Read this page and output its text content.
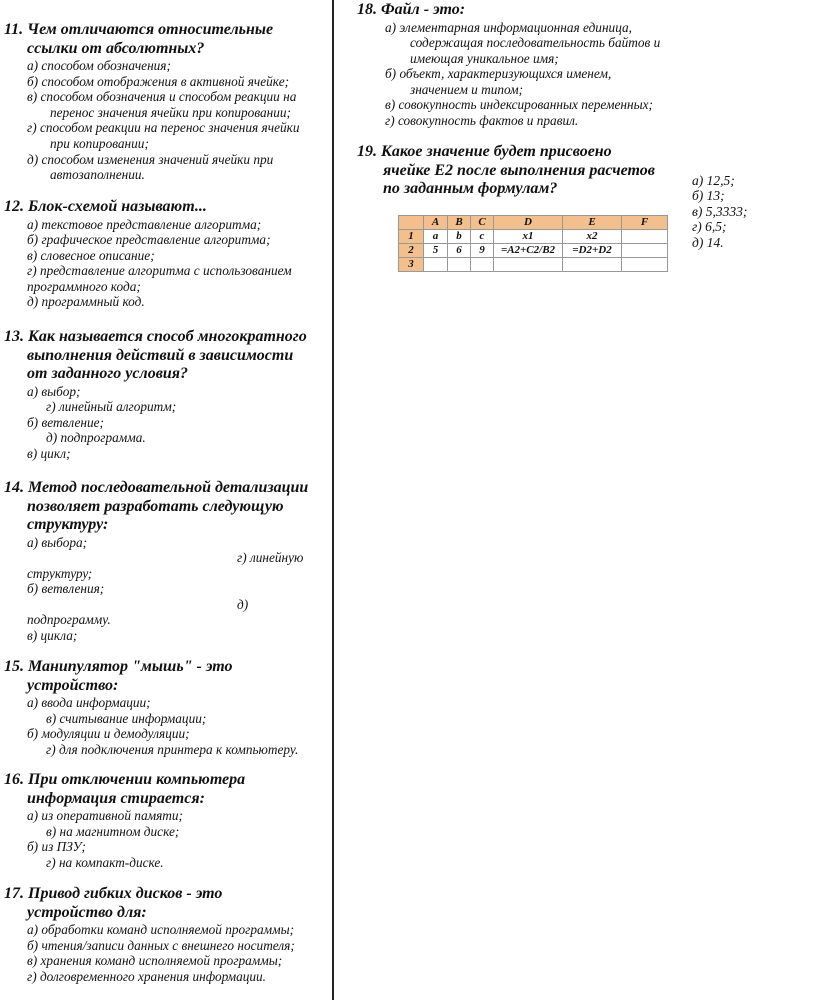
11. Чем отличаются относительные
ссылки от абсолютных?
а) способом обозначения;
б) способом отображения в активной ячейке;
в) способом обозначения и способом реакции на
перенос значения ячейки при копировании;
г) способом реакции на перенос значения ячейки
при копировании;
д) способом изменения значений ячейки при
автозаполнении.
12. Блок-схемой называют...
а) текстовое представление алгоритма;
б) графическое представление алгоритма;
в) словесное описание;
г) представление алгоритма с использованием
программного кода;
д) программный код.
13. Как называется способ многократного
выполнения действий в зависимости
от заданного условия?
а) выбор;
г) линейный алгоритм;
б) ветвление;
д) подпрограмма.
в) цикл;
14. Метод последовательной детализации
позволяет разработать следующую
структуру:
а) выбора;
г) линейную
структуру;
б) ветвления;
д)
подпрограмму.
в) цикла;
15. Манипулятор "мышь" - это
устройство:
а) ввода информации;
в) считывание информации;
б) модуляции и демодуляции;
г) для подключения принтера к компьютеру.
16. При отключении компьютера
информация стирается:
а) из оперативной памяти;
в) на магнитном диске;
б) из ПЗУ;
г) на компакт-диске.
17. Привод гибких дисков - это
устройство для:
а) обработки команд исполняемой программы;
б) чтения/записи данных с внешнего носителя;
в) хранения команд исполняемой программы;
г) долговременного хранения информации.
18. Файл - это:
а) элементарная информационная единица,
содержащая последовательность байтов и
имеющая уникальное имя;
б) объект, характеризующихся именем,
значением и типом;
в) совокупность индексированных переменных;
г) совокупность фактов и правил.
19. Какое значение будет присвоено
ячейке Е2 после выполнения расчетов
по заданным формулам?
	A	B	C	D	E	F
1	a	b	c	x1	x2	
2	5	6	9	=A2+C2/B2	=D2+D2	
3						
а) 12,5;
б) 13;
в) 5,3333;
г) 6,5;
д) 14.
